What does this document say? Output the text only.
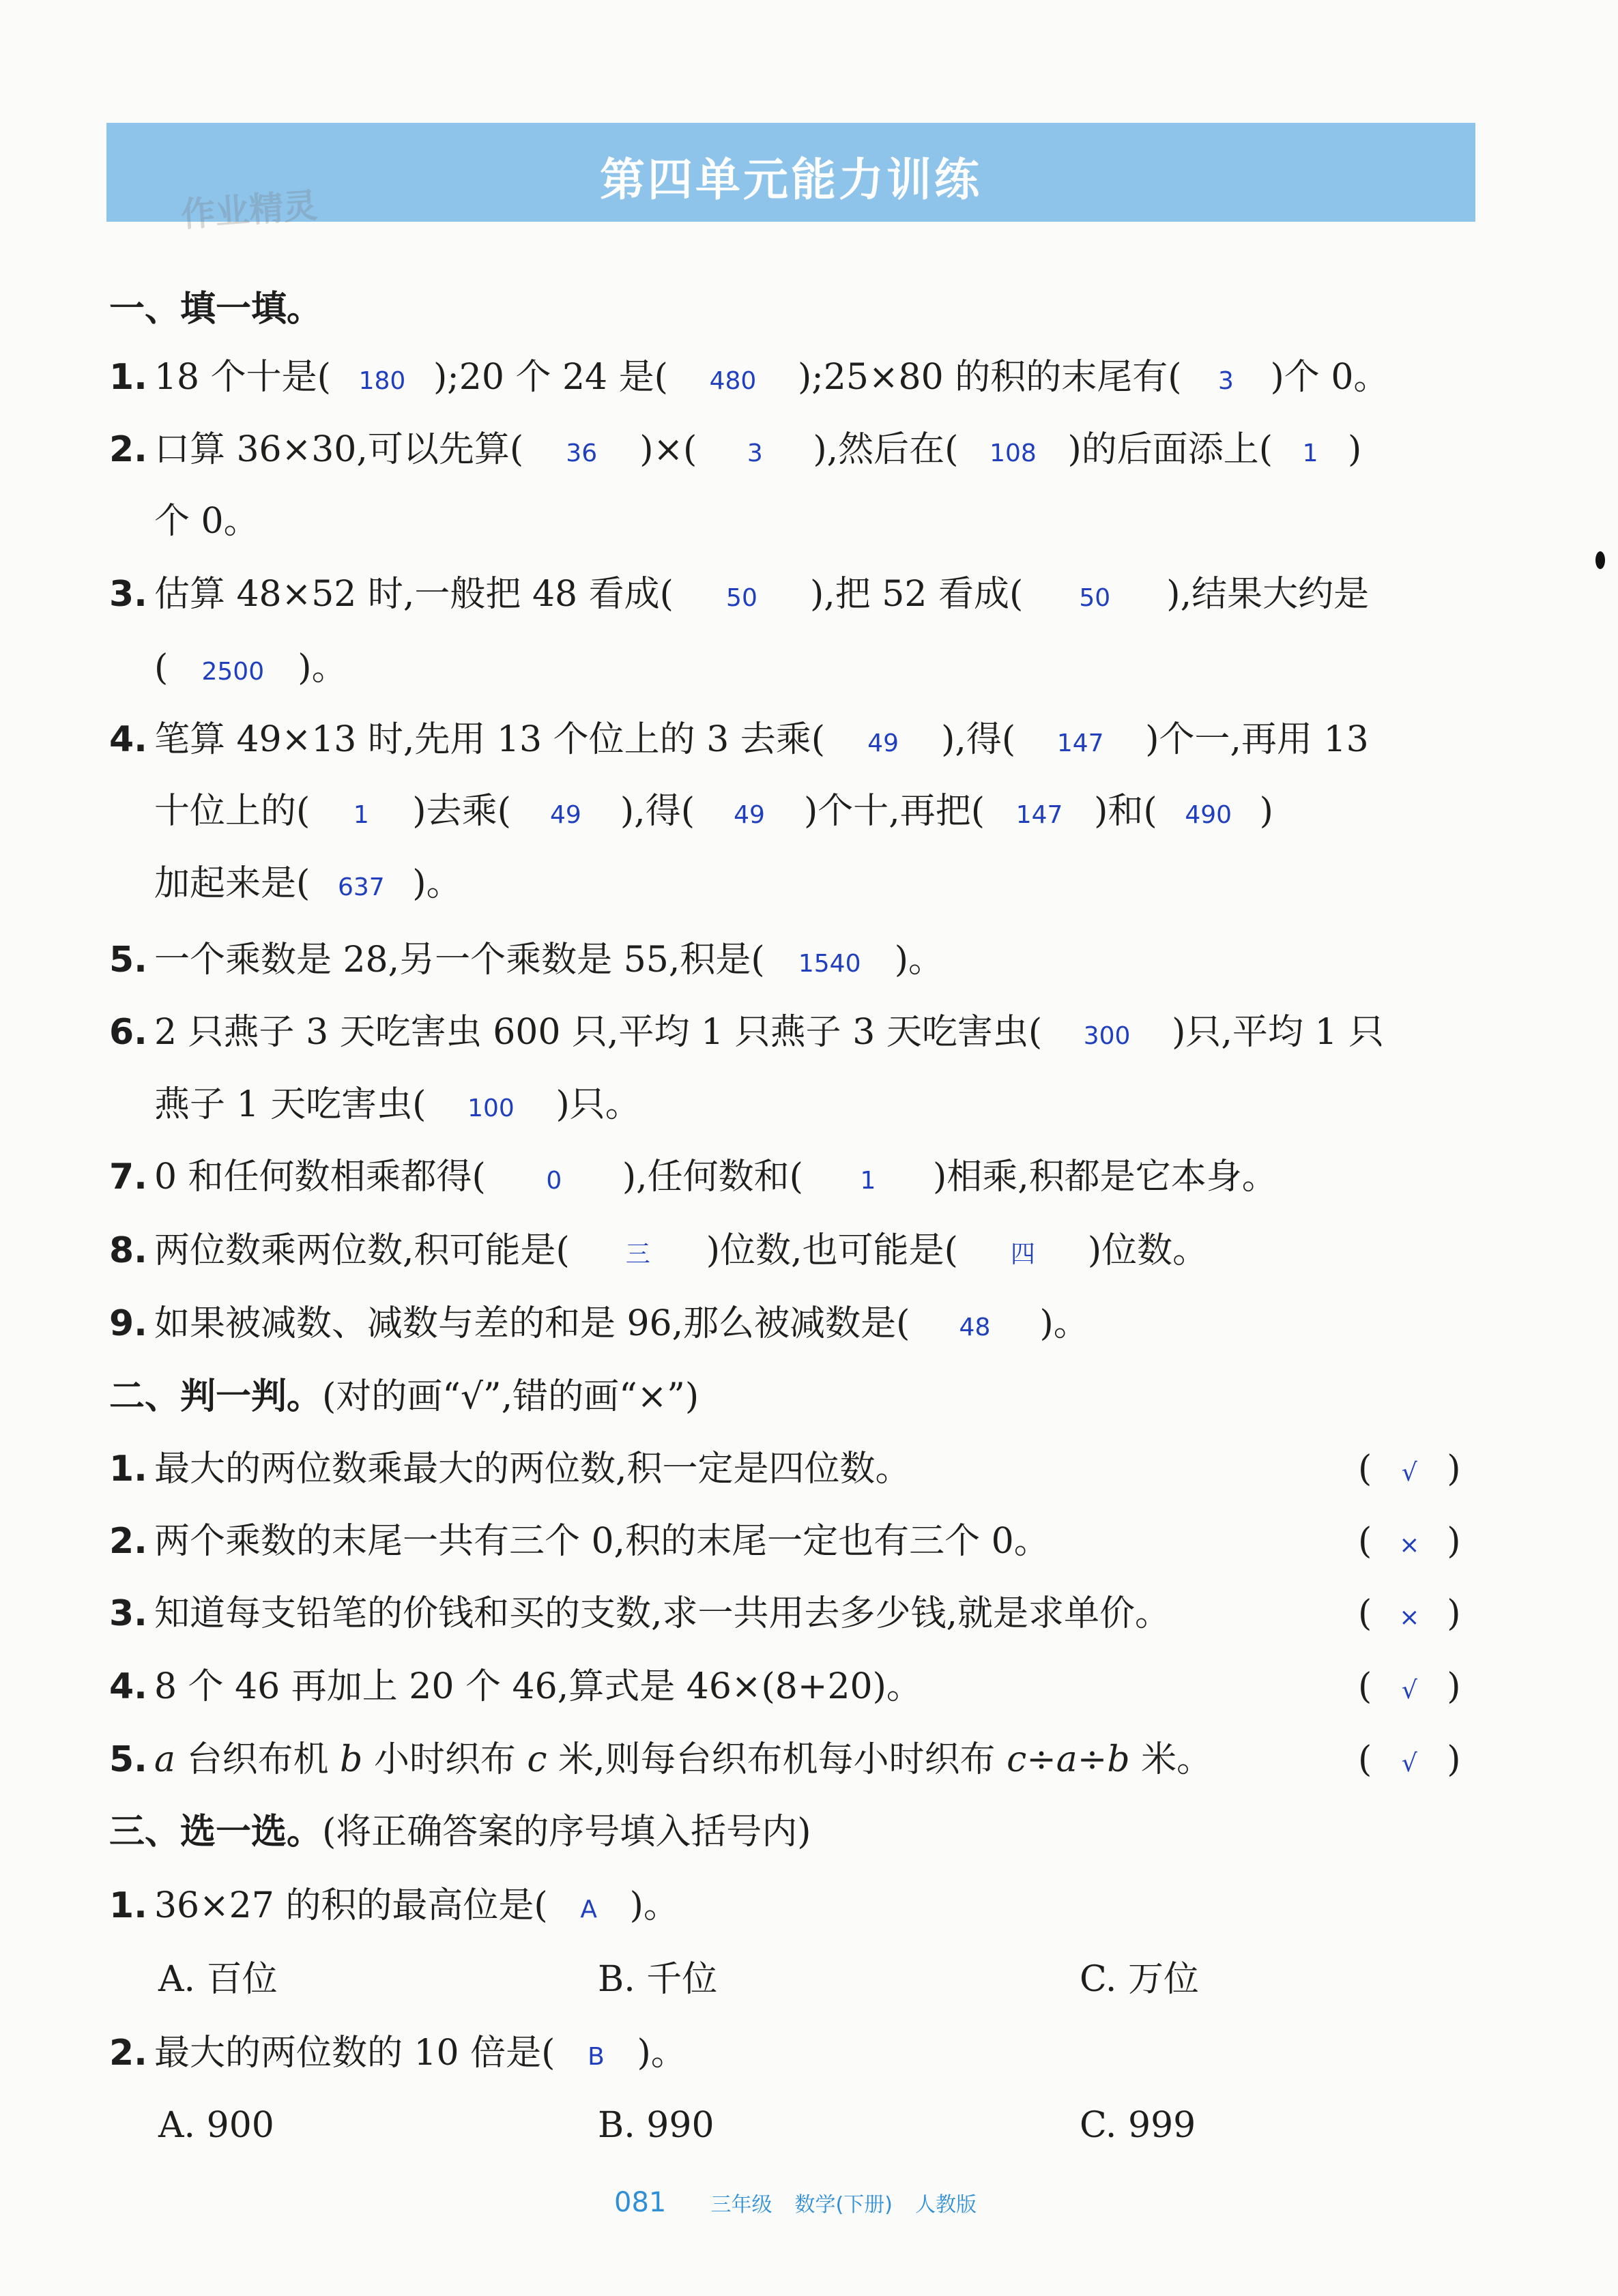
第四单元能力训练
作业精灵
一、填一填。
1. 18 个十是( 180 );20 个 24 是( 480 );25×80 的积的末尾有( 3 )个 0。
2. 口算 36×30,可以先算( 36 )×( 3 ),然后在( 108 )的后面添上( 1 )
个 0。
3. 估算 48×52 时,一般把 48 看成( 50 ),把 52 看成( 50 ),结果大约是
( 2500 )。
4. 笔算 49×13 时,先用 13 个位上的 3 去乘( 49 ),得( 147 )个一,再用 13
十位上的( 1 )去乘( 49 ),得( 49 )个十,再把( 147 )和( 490 )
加起来是( 637 )。
5. 一个乘数是 28,另一个乘数是 55,积是( 1540 )。
6. 2 只燕子 3 天吃害虫 600 只,平均 1 只燕子 3 天吃害虫( 300 )只,平均 1 只
燕子 1 天吃害虫( 100 )只。
7. 0 和任何数相乘都得( 0 ),任何数和( 1 )相乘,积都是它本身。
8. 两位数乘两位数,积可能是( 三 )位数,也可能是( 四 )位数。
9. 如果被减数、减数与差的和是 96,那么被减数是( 48 )。
二、判一判。(对的画“√”,错的画“×”)
1. 最大的两位数乘最大的两位数,积一定是四位数。	( √ )
2. 两个乘数的末尾一共有三个 0,积的末尾一定也有三个 0。	( × )
3. 知道每支铅笔的价钱和买的支数,求一共用去多少钱,就是求单价。	( × )
4. 8 个 46 再加上 20 个 46,算式是 46×(8+20)。	( √ )
5. a 台织布机 b 小时织布 c 米,则每台织布机每小时织布 c÷a÷b 米。	( √ )
三、选一选。(将正确答案的序号填入括号内)
1. 36×27 的积的最高位是( A )。
A. 百位	B. 千位	C. 万位
2. 最大的两位数的 10 倍是( B )。
A. 900	B. 990	C. 999
081 三年级 数学(下册) 人教版
